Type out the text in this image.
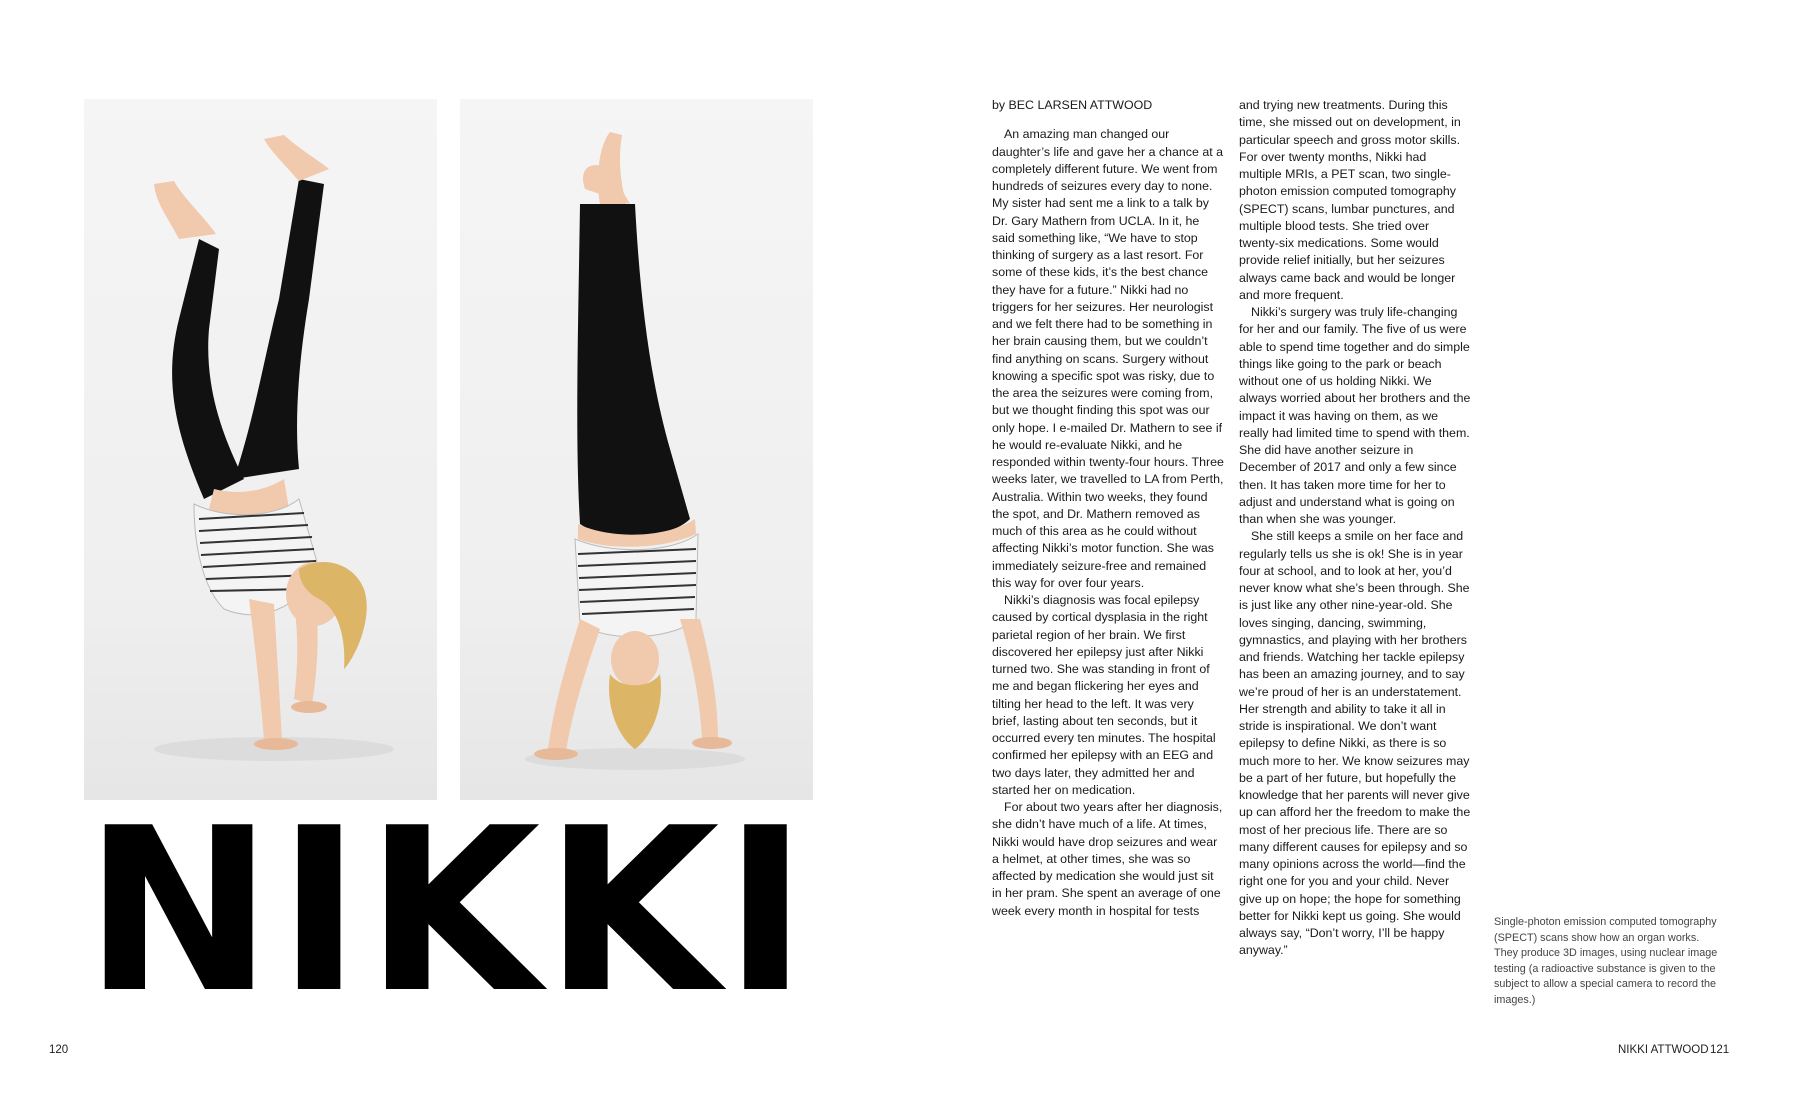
NIKKI

by BEC LARSEN ATTWOOD

An amazing man changed our daughter’s life and gave her a chance at a completely different future. We went from hundreds of seizures every day to none. My sister had sent me a link to a talk by Dr. Gary Mathern from UCLA. In it, he said something like, “We have to stop thinking of surgery as a last resort. For some of these kids, it’s the best chance they have for a future.” Nikki had no triggers for her seizures. Her neurologist and we felt there had to be something in her brain causing them, but we couldn’t find anything on scans. Surgery without knowing a specific spot was risky, due to the area the seizures were coming from, but we thought finding this spot was our only hope. I e-mailed Dr. Mathern to see if he would re-evaluate Nikki, and he responded within twenty-four hours. Three weeks later, we travelled to LA from Perth, Australia. Within two weeks, they found the spot, and Dr. Mathern removed as much of this area as he could without affecting Nikki’s motor function. She was immediately seizure-free and remained this way for over four years.

Nikki’s diagnosis was focal epilepsy caused by cortical dysplasia in the right parietal region of her brain. We first discovered her epilepsy just after Nikki turned two. She was standing in front of me and began flickering her eyes and tilting her head to the left. It was very brief, lasting about ten seconds, but it occurred every ten minutes. The hospital confirmed her epilepsy with an EEG and two days later, they admitted her and started her on medication.

For about two years after her diagnosis, she didn’t have much of a life. At times, Nikki would have drop seizures and wear a helmet, at other times, she was so affected by medication she would just sit in her pram. She spent an average of one week every month in hospital for tests

and trying new treatments. During this time, she missed out on development, in particular speech and gross motor skills. For over twenty months, Nikki had multiple MRIs, a PET scan, two single-photon emission computed tomography (SPECT) scans, lumbar punctures, and multiple blood tests. She tried over twenty-six medications. Some would provide relief initially, but her seizures always came back and would be longer and more frequent.

Nikki’s surgery was truly life-changing for her and our family. The five of us were able to spend time together and do simple things like going to the park or beach without one of us holding Nikki. We always worried about her brothers and the impact it was having on them, as we really had limited time to spend with them. She did have another seizure in December of 2017 and only a few since then. It has taken more time for her to adjust and understand what is going on than when she was younger.

She still keeps a smile on her face and regularly tells us she is ok! She is in year four at school, and to look at her, you’d never know what she’s been through. She is just like any other nine-year-old. She loves singing, dancing, swimming, gymnastics, and playing with her brothers and friends. Watching her tackle epilepsy has been an amazing journey, and to say we’re proud of her is an understatement. Her strength and ability to take it all in stride is inspirational. We don’t want epilepsy to define Nikki, as there is so much more to her. We know seizures may be a part of her future, but hopefully the knowledge that her parents will never give up can afford her the freedom to make the most of her precious life. There are so many different causes for epilepsy and so many opinions across the world—find the right one for you and your child. Never give up on hope; the hope for something better for Nikki kept us going. She would always say, “Don’t worry, I’ll be happy anyway.”

Single-photon emission computed tomography (SPECT) scans show how an organ works. They produce 3D images, using nuclear image testing (a radioactive substance is given to the subject to allow a special camera to record the images.)
120	NIKKI ATTWOOD 121
